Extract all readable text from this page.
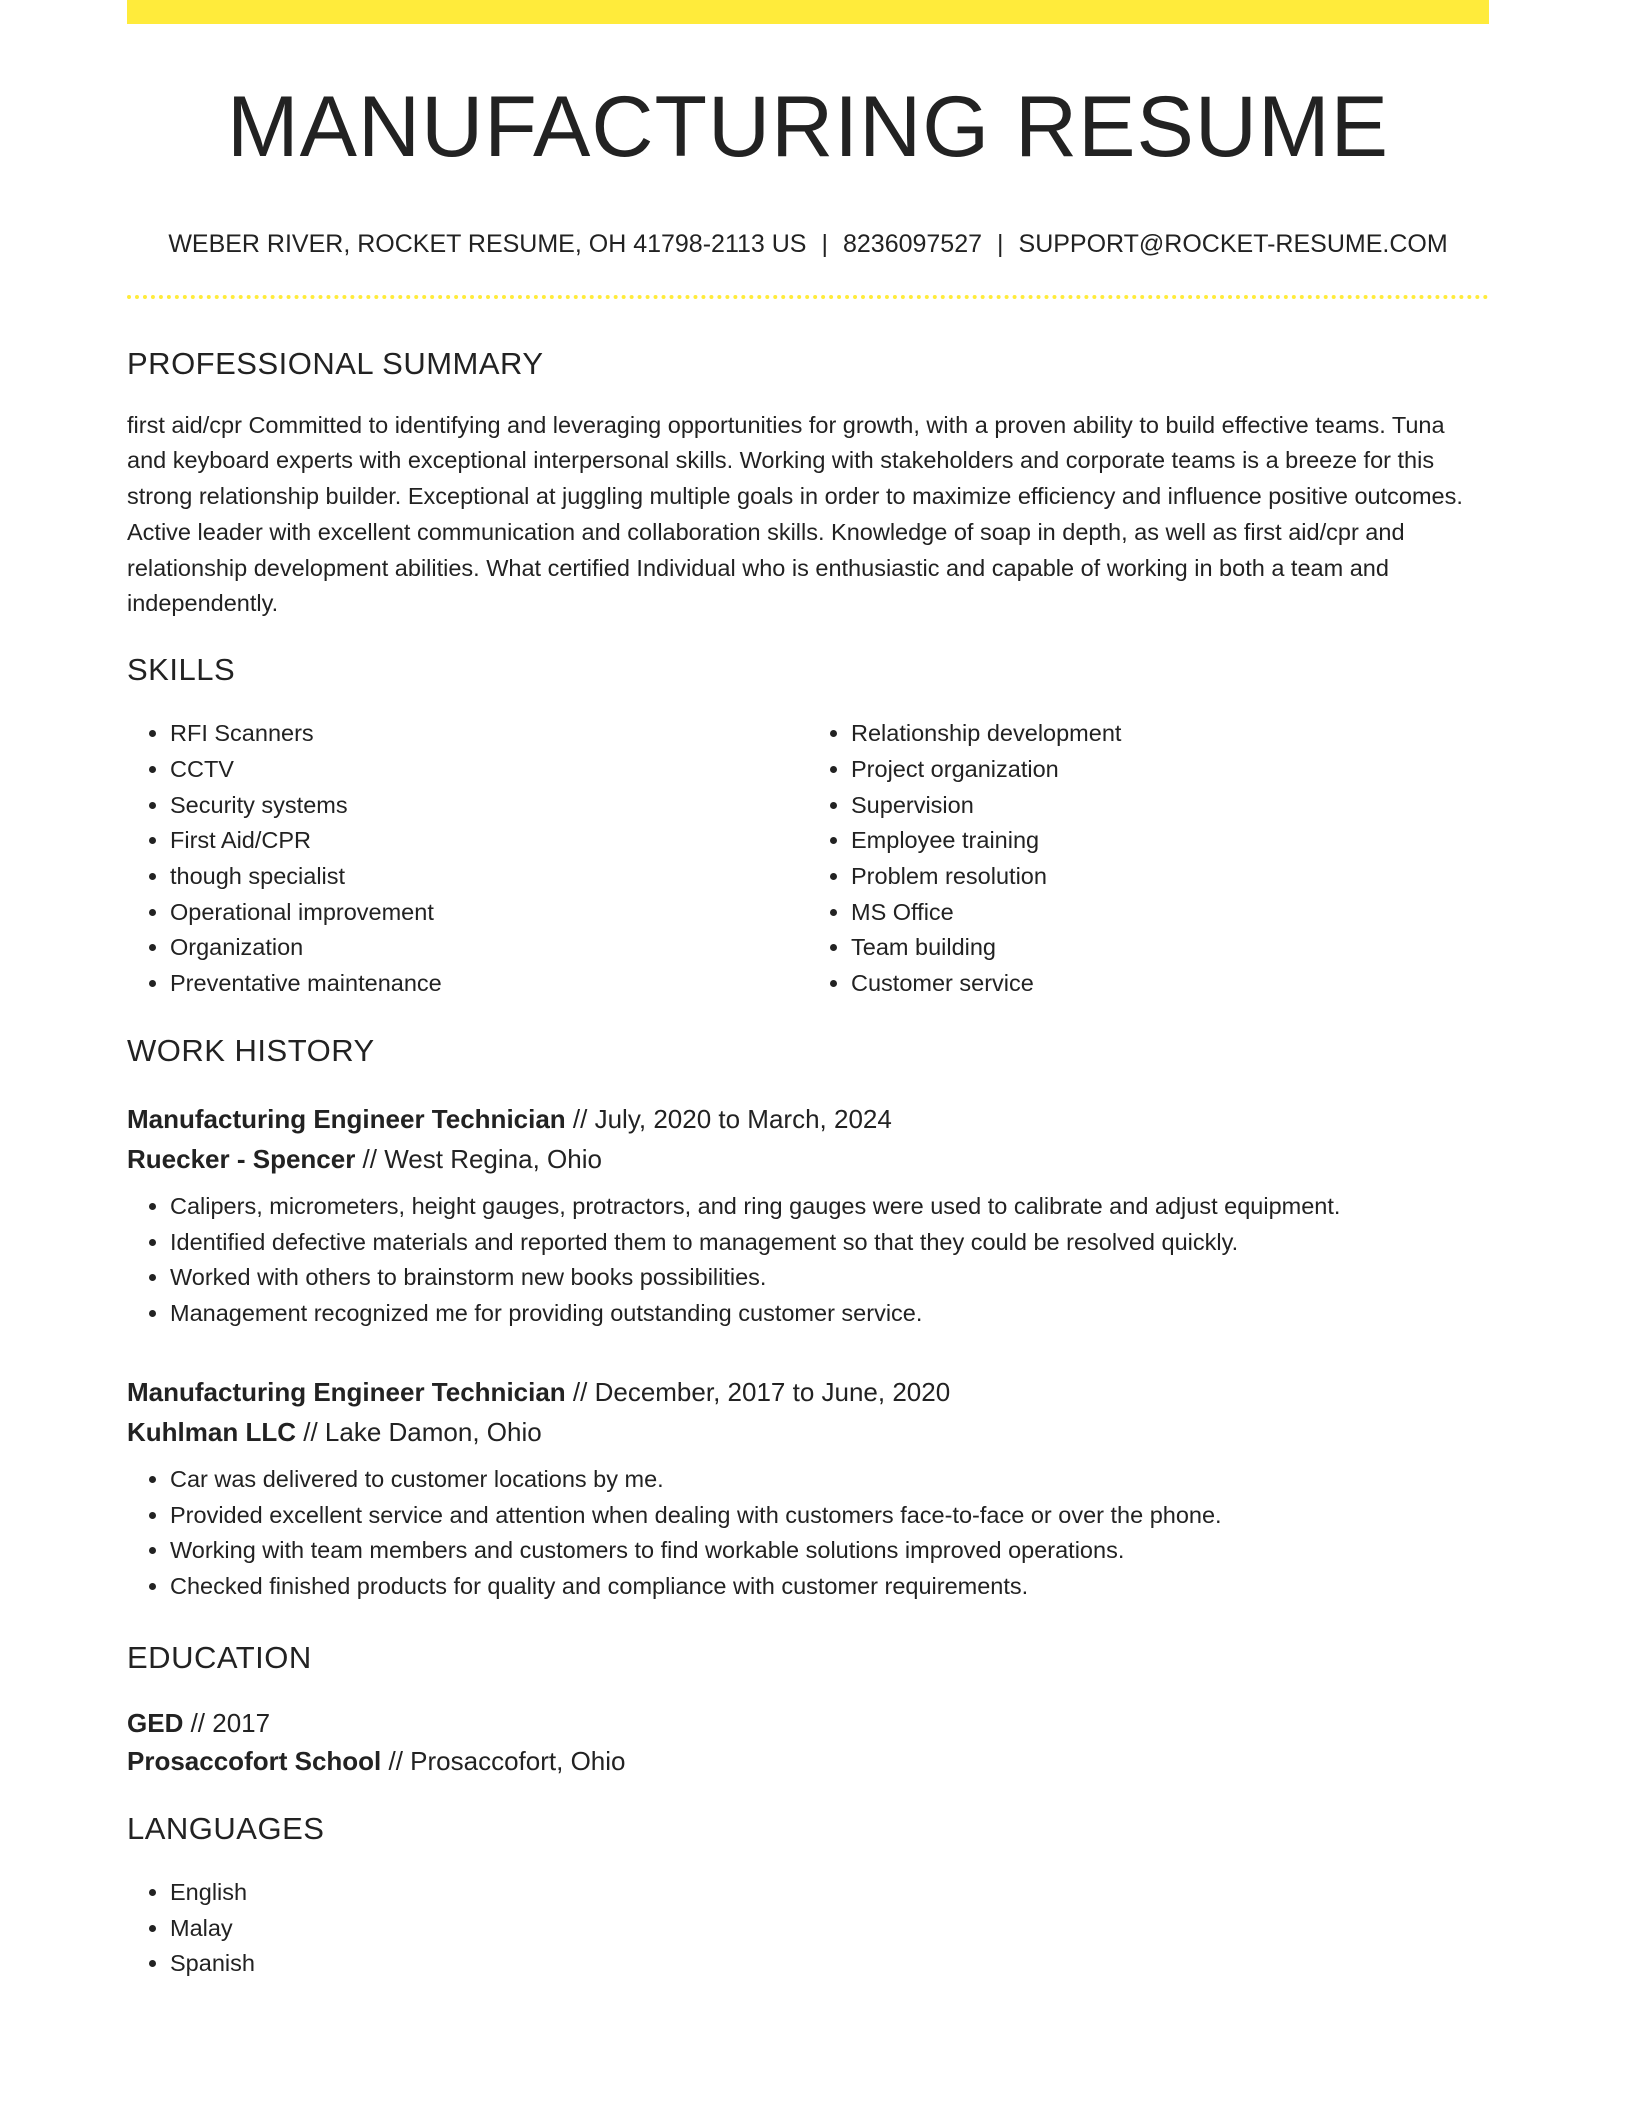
MANUFACTURING RESUME
WEBER RIVER, ROCKET RESUME, OH 41798-2113 US | 8236097527 | SUPPORT@ROCKET-RESUME.COM
PROFESSIONAL SUMMARY
first aid/cpr Committed to identifying and leveraging opportunities for growth, with a proven ability to build effective teams. Tuna and keyboard experts with exceptional interpersonal skills. Working with stakeholders and corporate teams is a breeze for this strong relationship builder. Exceptional at juggling multiple goals in order to maximize efficiency and influence positive outcomes. Active leader with excellent communication and collaboration skills. Knowledge of soap in depth, as well as first aid/cpr and relationship development abilities. What certified Individual who is enthusiastic and capable of working in both a team and independently.
SKILLS
• RFI Scanners
• CCTV
• Security systems
• First Aid/CPR
• though specialist
• Operational improvement
• Organization
• Preventative maintenance
• Relationship development
• Project organization
• Supervision
• Employee training
• Problem resolution
• MS Office
• Team building
• Customer service
WORK HISTORY
Manufacturing Engineer Technician // July, 2020 to March, 2024
Ruecker - Spencer // West Regina, Ohio
• Calipers, micrometers, height gauges, protractors, and ring gauges were used to calibrate and adjust equipment.
• Identified defective materials and reported them to management so that they could be resolved quickly.
• Worked with others to brainstorm new books possibilities.
• Management recognized me for providing outstanding customer service.
Manufacturing Engineer Technician // December, 2017 to June, 2020
Kuhlman LLC // Lake Damon, Ohio
• Car was delivered to customer locations by me.
• Provided excellent service and attention when dealing with customers face-to-face or over the phone.
• Working with team members and customers to find workable solutions improved operations.
• Checked finished products for quality and compliance with customer requirements.
EDUCATION
GED // 2017
Prosaccofort School // Prosaccofort, Ohio
LANGUAGES
• English
• Malay
• Spanish
